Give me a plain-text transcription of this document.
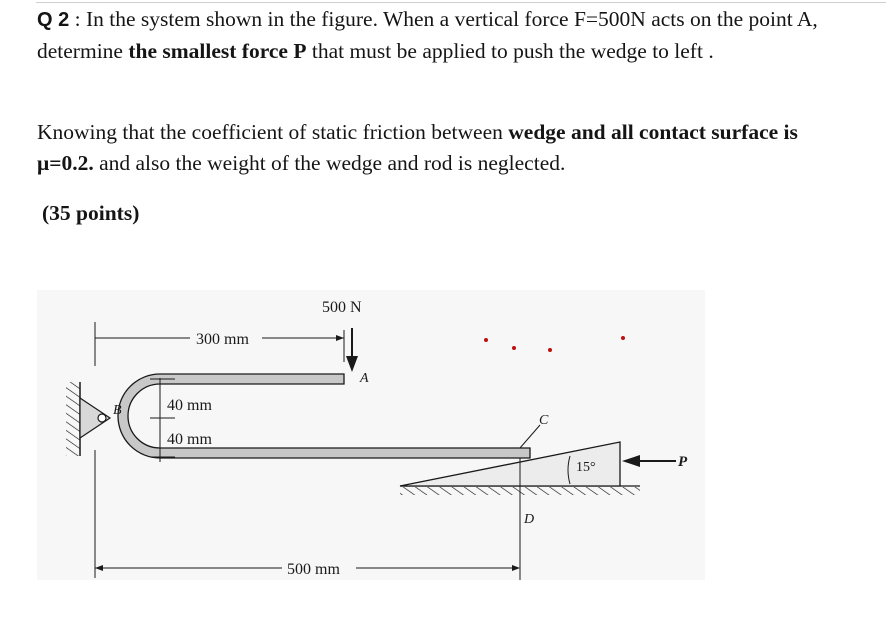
Q 2 : In the system shown in the figure. When a vertical force F=500N acts on the point A, determine the smallest force P that must be applied to push the wedge to left .

Knowing that the coefficient of static friction between wedge and all contact surface is μ=0.2. and also the weight of the wedge and rod is neglected.

(35 points)
300 mm
500 N
A
B	40 mm
40 mm
C
15°	P
D
500 mm
